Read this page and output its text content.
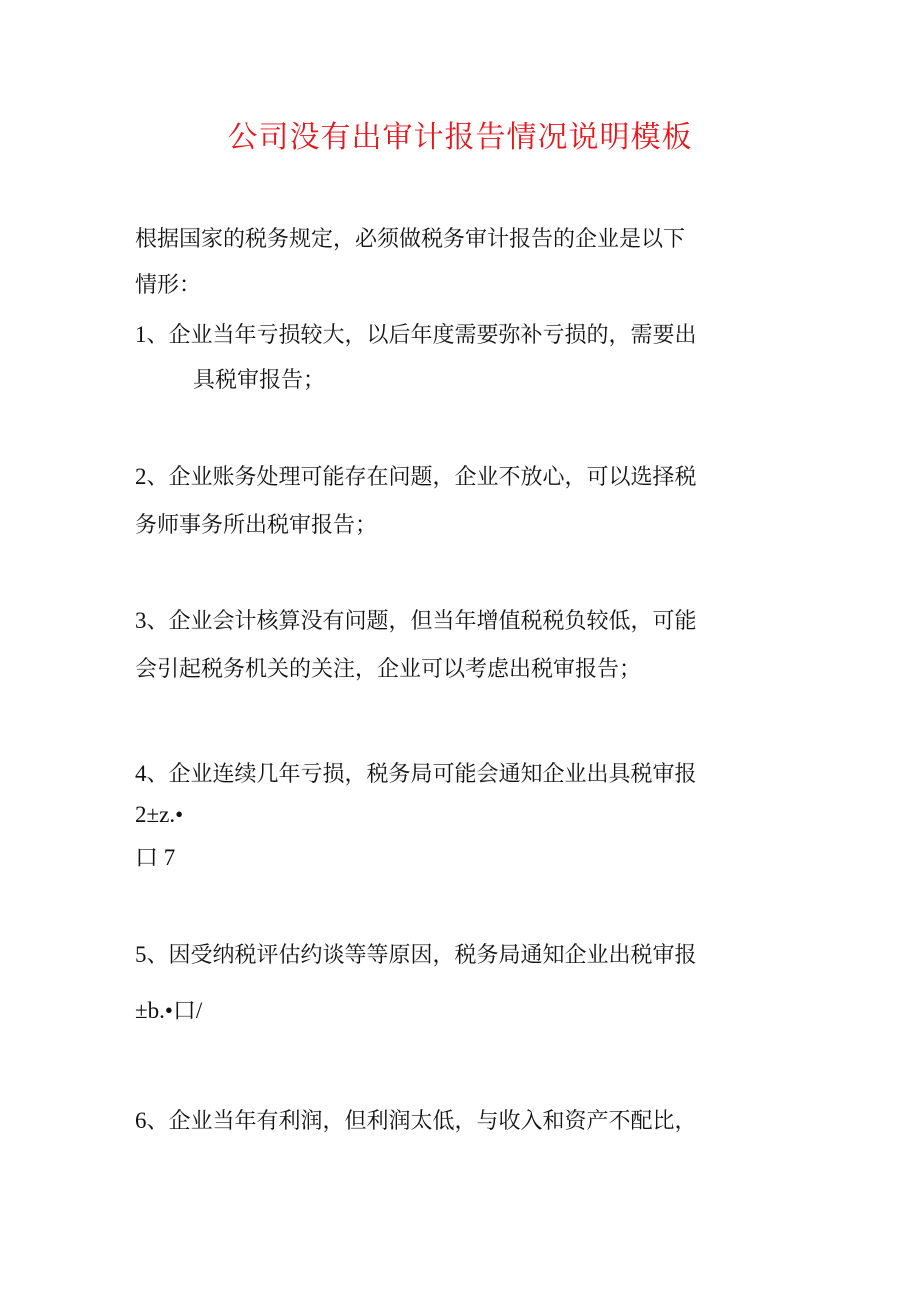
公司没有出审计报告情况说明模板

根据国家的税务规定，必须做税务审计报告的企业是以下

情形：

1、企业当年亏损较大，以后年度需要弥补亏损的，需要出

具税审报告；

2、企业账务处理可能存在问题，企业不放心，可以选择税

务师事务所出税审报告；

3、企业会计核算没有问题，但当年增值税税负较低，可能

会引起税务机关的关注，企业可以考虑出税审报告；

4、企业连续几年亏损，税务局可能会通知企业出具税审报

2±z.•

口 7

5、因受纳税评估约谈等等原因，税务局通知企业出税审报

±b.•口/

6、企业当年有利润，但利润太低，与收入和资产不配比，
